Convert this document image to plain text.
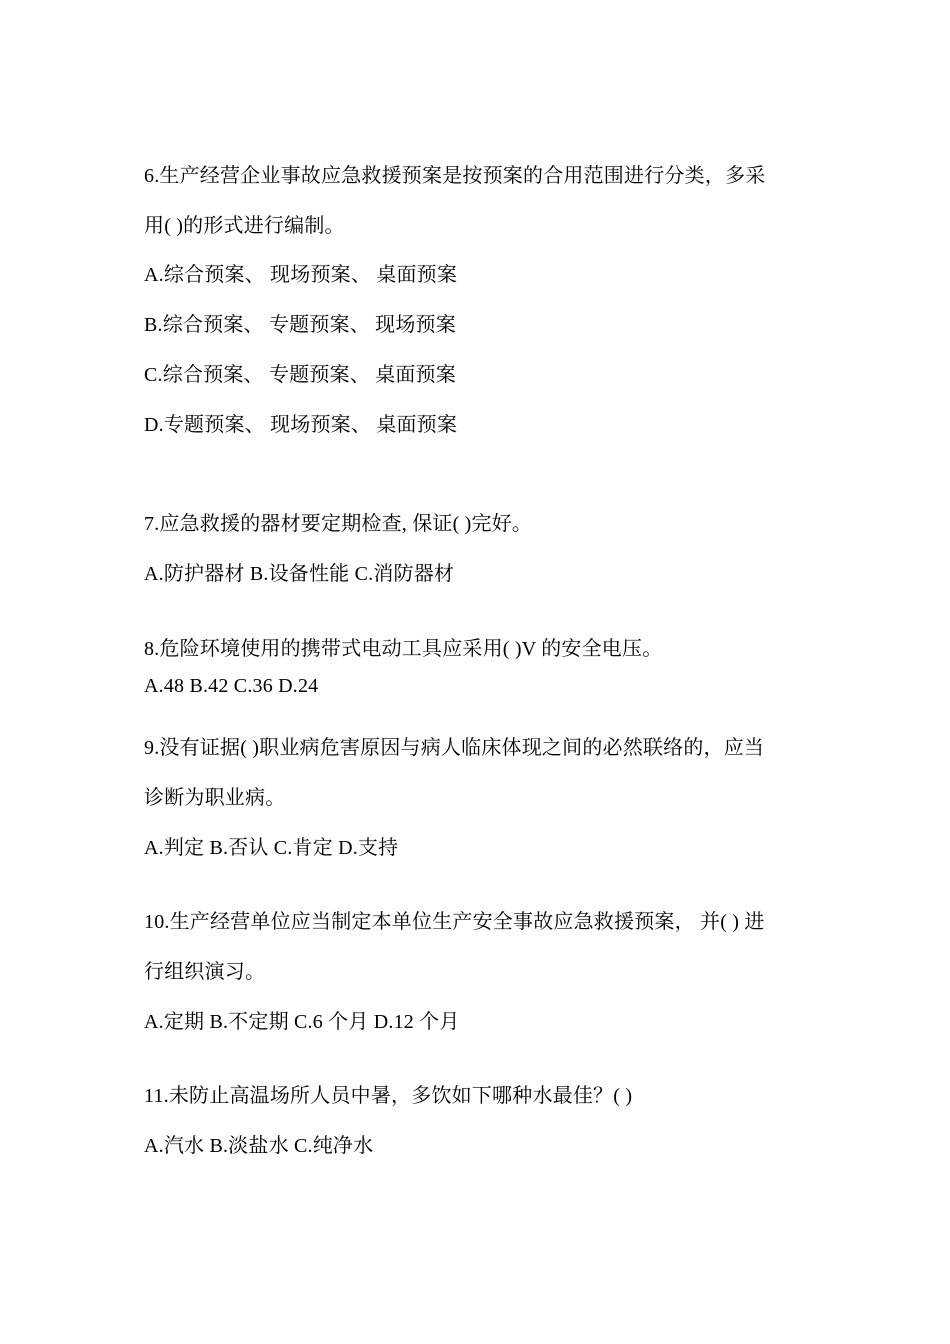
6.生产经营企业事故应急救援预案是按预案的合用范围进行分类，多采
用( )的形式进行编制。
A.综合预案、 现场预案、 桌面预案
B.综合预案、 专题预案、 现场预案
C.综合预案、 专题预案、 桌面预案
D.专题预案、 现场预案、 桌面预案
7.应急救援的器材要定期检查, 保证( )完好。
A.防护器材 B.设备性能 C.消防器材
8.危险环境使用的携带式电动工具应采用( )V 的安全电压。
A.48 B.42 C.36 D.24
9.没有证据( )职业病危害原因与病人临床体现之间的必然联络的，应当
诊断为职业病。
A.判定 B.否认 C.肯定 D.支持
10.生产经营单位应当制定本单位生产安全事故应急救援预案， 并( ) 进
行组织演习。
A.定期 B.不定期 C.6 个月 D.12 个月
11.未防止高温场所人员中暑，多饮如下哪种水最佳？( )
A.汽水 B.淡盐水 C.纯净水
